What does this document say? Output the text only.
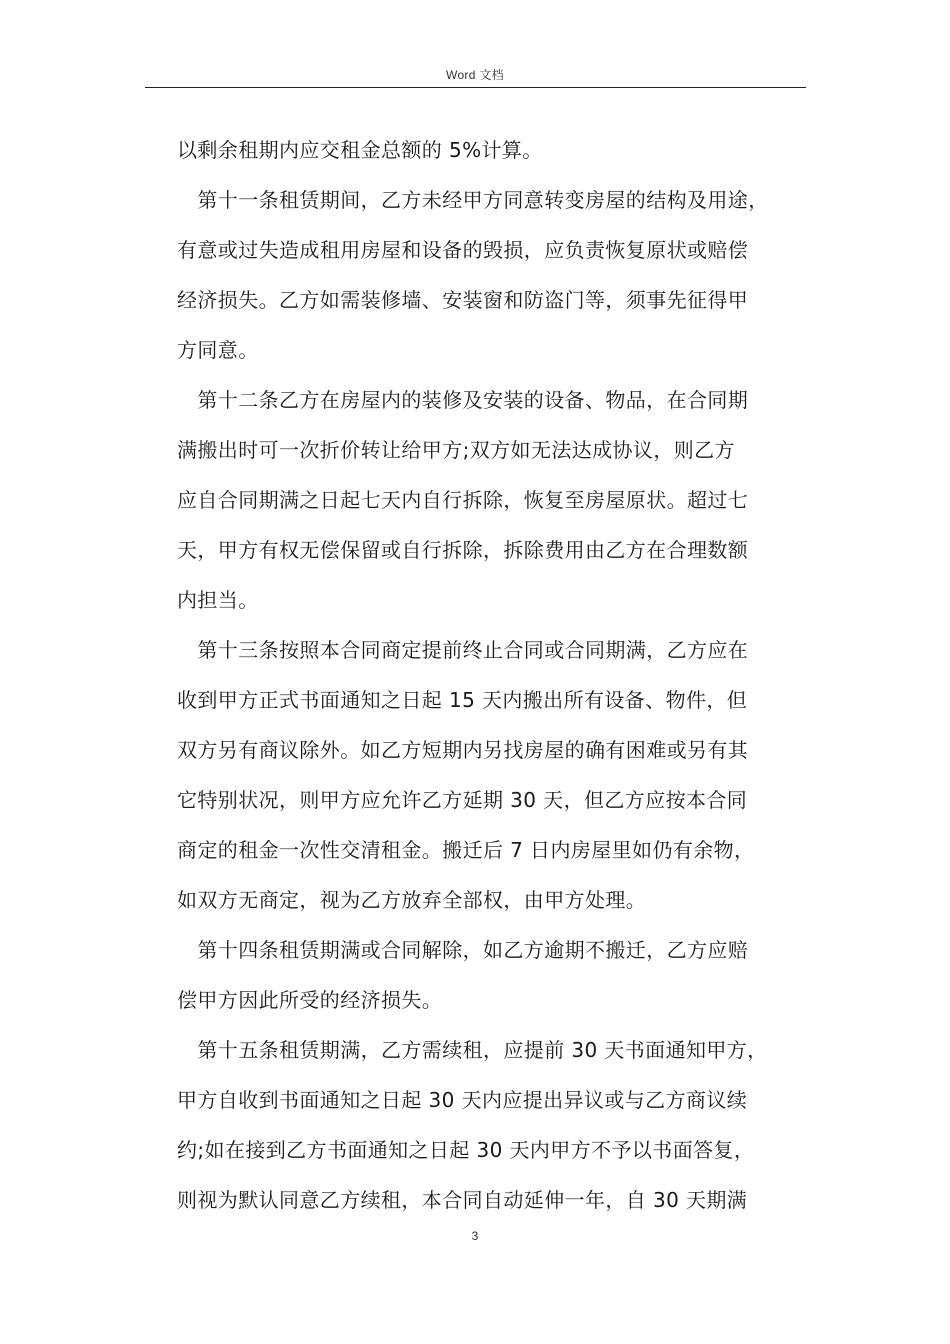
Word 文档
以剩余租期内应交租金总额的 5%计算。
　第十一条租赁期间，乙方未经甲方同意转变房屋的结构及用途，
有意或过失造成租用房屋和设备的毁损，应负责恢复原状或赔偿
经济损失。乙方如需装修墙、安装窗和防盗门等，须事先征得甲
方同意。
　第十二条乙方在房屋内的装修及安装的设备、物品，在合同期
满搬出时可一次折价转让给甲方;双方如无法达成协议，则乙方
应自合同期满之日起七天内自行拆除，恢复至房屋原状。超过七
天，甲方有权无偿保留或自行拆除，拆除费用由乙方在合理数额
内担当。
　第十三条按照本合同商定提前终止合同或合同期满，乙方应在
收到甲方正式书面通知之日起 15 天内搬出所有设备、物件，但
双方另有商议除外。如乙方短期内另找房屋的确有困难或另有其
它特别状况，则甲方应允许乙方延期 30 天，但乙方应按本合同
商定的租金一次性交清租金。搬迁后 7 日内房屋里如仍有余物，
如双方无商定，视为乙方放弃全部权，由甲方处理。
　第十四条租赁期满或合同解除，如乙方逾期不搬迁，乙方应赔
偿甲方因此所受的经济损失。
　第十五条租赁期满，乙方需续租，应提前 30 天书面通知甲方，
甲方自收到书面通知之日起 30 天内应提出异议或与乙方商议续
约;如在接到乙方书面通知之日起 30 天内甲方不予以书面答复，
则视为默认同意乙方续租，本合同自动延伸一年，自 30 天期满
3
